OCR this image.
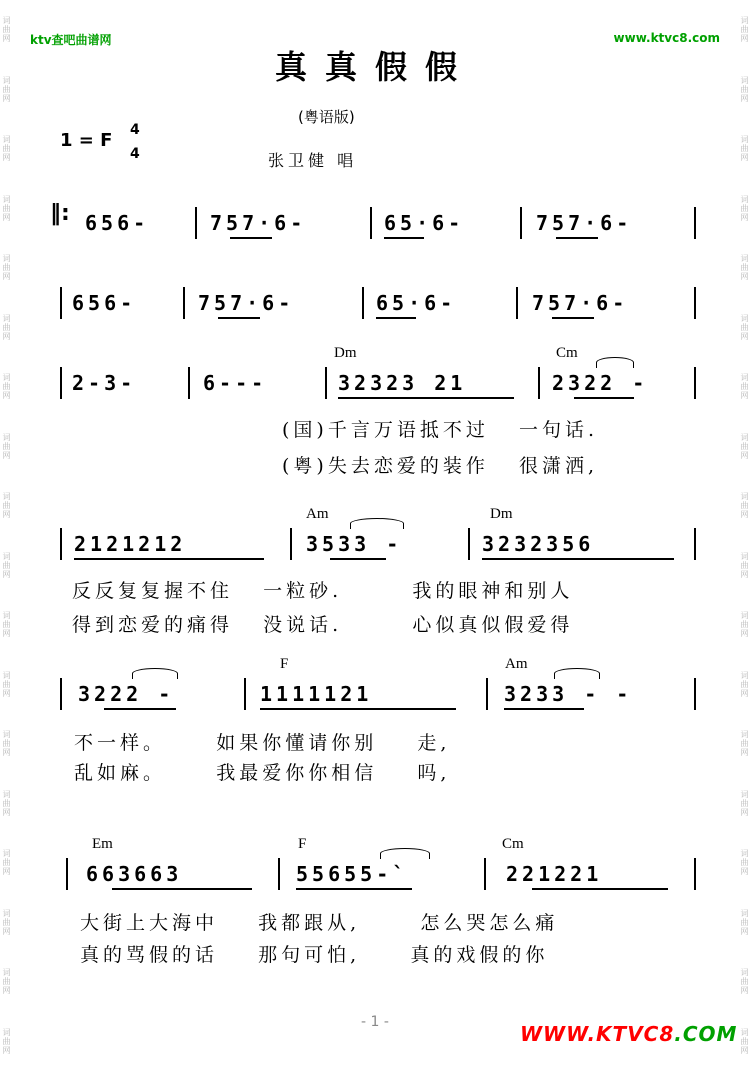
词曲网
词曲网
词曲网
词曲网
词曲网
词曲网
词曲网
词曲网
词曲网
词曲网
词曲网
词曲网
词曲网
词曲网
词曲网
词曲网
词曲网
词曲网
词曲网
词曲网
词曲网
词曲网
词曲网
词曲网
词曲网
词曲网
词曲网
词曲网
词曲网
词曲网
词曲网
词曲网
词曲网
词曲网
词曲网
词曲网
ktv查吧曲谱网	www.ktvc8.com
真真假假
(粤语版)
1 = F 4
4	张卫健 唱
‖: 656-	757·6-	65·6-	757·6-
656-	757·6-	65·6-	757·6-
Dm	Cm
2-3-	6---	32323 21	2322 -
(国)千言万语抵不过   一句话.
(粤)失去恋爱的装作   很潇洒,
Am	Dm
2121212	3533 -	3232356
反反复复握不住   一粒砂.       我的眼神和别人
得到恋爱的痛得   没说话.       心似真似假爱得
F	Am
3222 -	1111121	3233 - -
不一样。     如果你懂请你别    走,
乱如麻。     我最爱你你相信    吗,
Em	F	Cm
663663	55655-`	221221
大街上大海中    我都跟从,      怎么哭怎么痛
真的骂假的话    那句可怕,     真的戏假的你
- 1 -	WWW.KTVC8.COM
